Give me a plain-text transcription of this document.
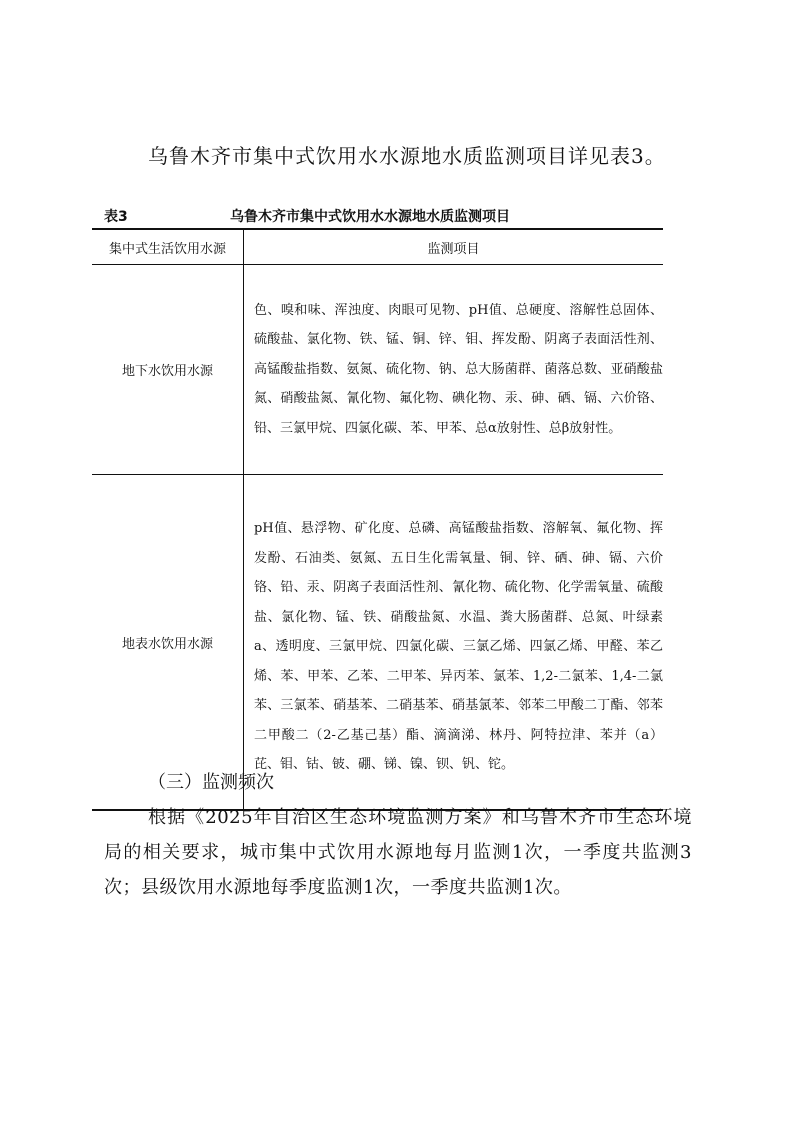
乌鲁木齐市集中式饮用水水源地水质监测项目详见表3。
表3	乌鲁木齐市集中式饮用水水源地水质监测项目
集中式生活饮用水源	监测项目
地下水饮用水源	色、嗅和味、浑浊度、肉眼可见物、pH值、总硬度、溶解性总固体、硫酸盐、氯化物、铁、锰、铜、锌、钼、挥发酚、阴离子表面活性剂、高锰酸盐指数、氨氮、硫化物、钠、总大肠菌群、菌落总数、亚硝酸盐氮、硝酸盐氮、氰化物、氟化物、碘化物、汞、砷、硒、镉、六价铬、铅、三氯甲烷、四氯化碳、苯、甲苯、总α放射性、总β放射性。
地表水饮用水源	pH值、悬浮物、矿化度、总磷、高锰酸盐指数、溶解氧、氟化物、挥发酚、石油类、氨氮、五日生化需氧量、铜、锌、硒、砷、镉、六价铬、铅、汞、阴离子表面活性剂、氰化物、硫化物、化学需氧量、硫酸盐、氯化物、锰、铁、硝酸盐氮、水温、粪大肠菌群、总氮、叶绿素a、透明度、三氯甲烷、四氯化碳、三氯乙烯、四氯乙烯、甲醛、苯乙烯、苯、甲苯、乙苯、二甲苯、异丙苯、氯苯、1,2-二氯苯、1,4-二氯苯、三氯苯、硝基苯、二硝基苯、硝基氯苯、邻苯二甲酸二丁酯、邻苯二甲酸二（2-乙基己基）酯、滴滴涕、林丹、阿特拉津、苯并（a）芘、钼、钴、铍、硼、锑、镍、钡、钒、铊。
（三）监测频次
根据《2025年自治区生态环境监测方案》和乌鲁木齐市生态环境局的相关要求，城市集中式饮用水源地每月监测1次，一季度共监测3次；县级饮用水源地每季度监测1次，一季度共监测1次。
